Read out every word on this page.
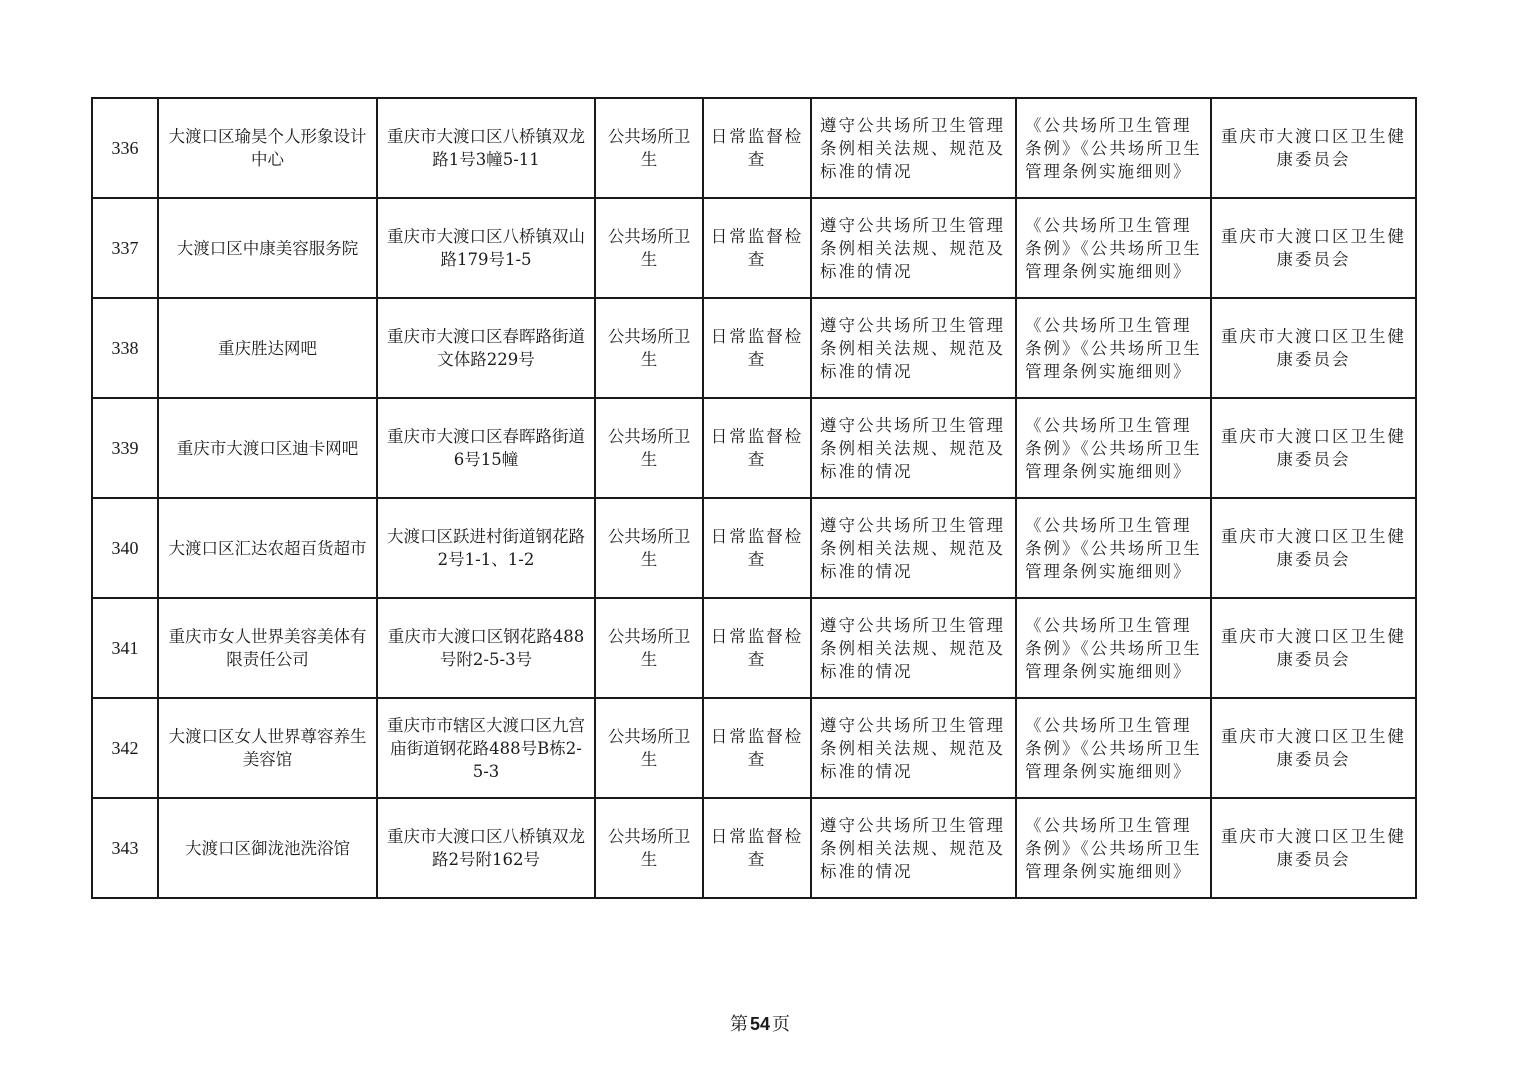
336	大渡口区瑜昊个人形象设计中心	重庆市大渡口区八桥镇双龙路1号3幢5-11	公共场所卫生	日常监督检查	遵守公共场所卫生管理条例相关法规、规范及标准的情况	《公共场所卫生管理条例》《公共场所卫生管理条例实施细则》	重庆市大渡口区卫生健康委员会
337	大渡口区中康美容服务院	重庆市大渡口区八桥镇双山路179号1-5	公共场所卫生	日常监督检查	遵守公共场所卫生管理条例相关法规、规范及标准的情况	《公共场所卫生管理条例》《公共场所卫生管理条例实施细则》	重庆市大渡口区卫生健康委员会
338	重庆胜达网吧	重庆市大渡口区春晖路街道文体路229号	公共场所卫生	日常监督检查	遵守公共场所卫生管理条例相关法规、规范及标准的情况	《公共场所卫生管理条例》《公共场所卫生管理条例实施细则》	重庆市大渡口区卫生健康委员会
339	重庆市大渡口区迪卡网吧	重庆市大渡口区春晖路街道6号15幢	公共场所卫生	日常监督检查	遵守公共场所卫生管理条例相关法规、规范及标准的情况	《公共场所卫生管理条例》《公共场所卫生管理条例实施细则》	重庆市大渡口区卫生健康委员会
340	大渡口区汇达农超百货超市	大渡口区跃进村街道钢花路2号1-1、1-2	公共场所卫生	日常监督检查	遵守公共场所卫生管理条例相关法规、规范及标准的情况	《公共场所卫生管理条例》《公共场所卫生管理条例实施细则》	重庆市大渡口区卫生健康委员会
341	重庆市女人世界美容美体有限责任公司	重庆市大渡口区钢花路488号附2-5-3号	公共场所卫生	日常监督检查	遵守公共场所卫生管理条例相关法规、规范及标准的情况	《公共场所卫生管理条例》《公共场所卫生管理条例实施细则》	重庆市大渡口区卫生健康委员会
342	大渡口区女人世界尊容养生美容馆	重庆市市辖区大渡口区九宫庙街道钢花路488号B栋2-5-3	公共场所卫生	日常监督检查	遵守公共场所卫生管理条例相关法规、规范及标准的情况	《公共场所卫生管理条例》《公共场所卫生管理条例实施细则》	重庆市大渡口区卫生健康委员会
343	大渡口区御泷池洗浴馆	重庆市大渡口区八桥镇双龙路2号附162号	公共场所卫生	日常监督检查	遵守公共场所卫生管理条例相关法规、规范及标准的情况	《公共场所卫生管理条例》《公共场所卫生管理条例实施细则》	重庆市大渡口区卫生健康委员会
第 54 页
